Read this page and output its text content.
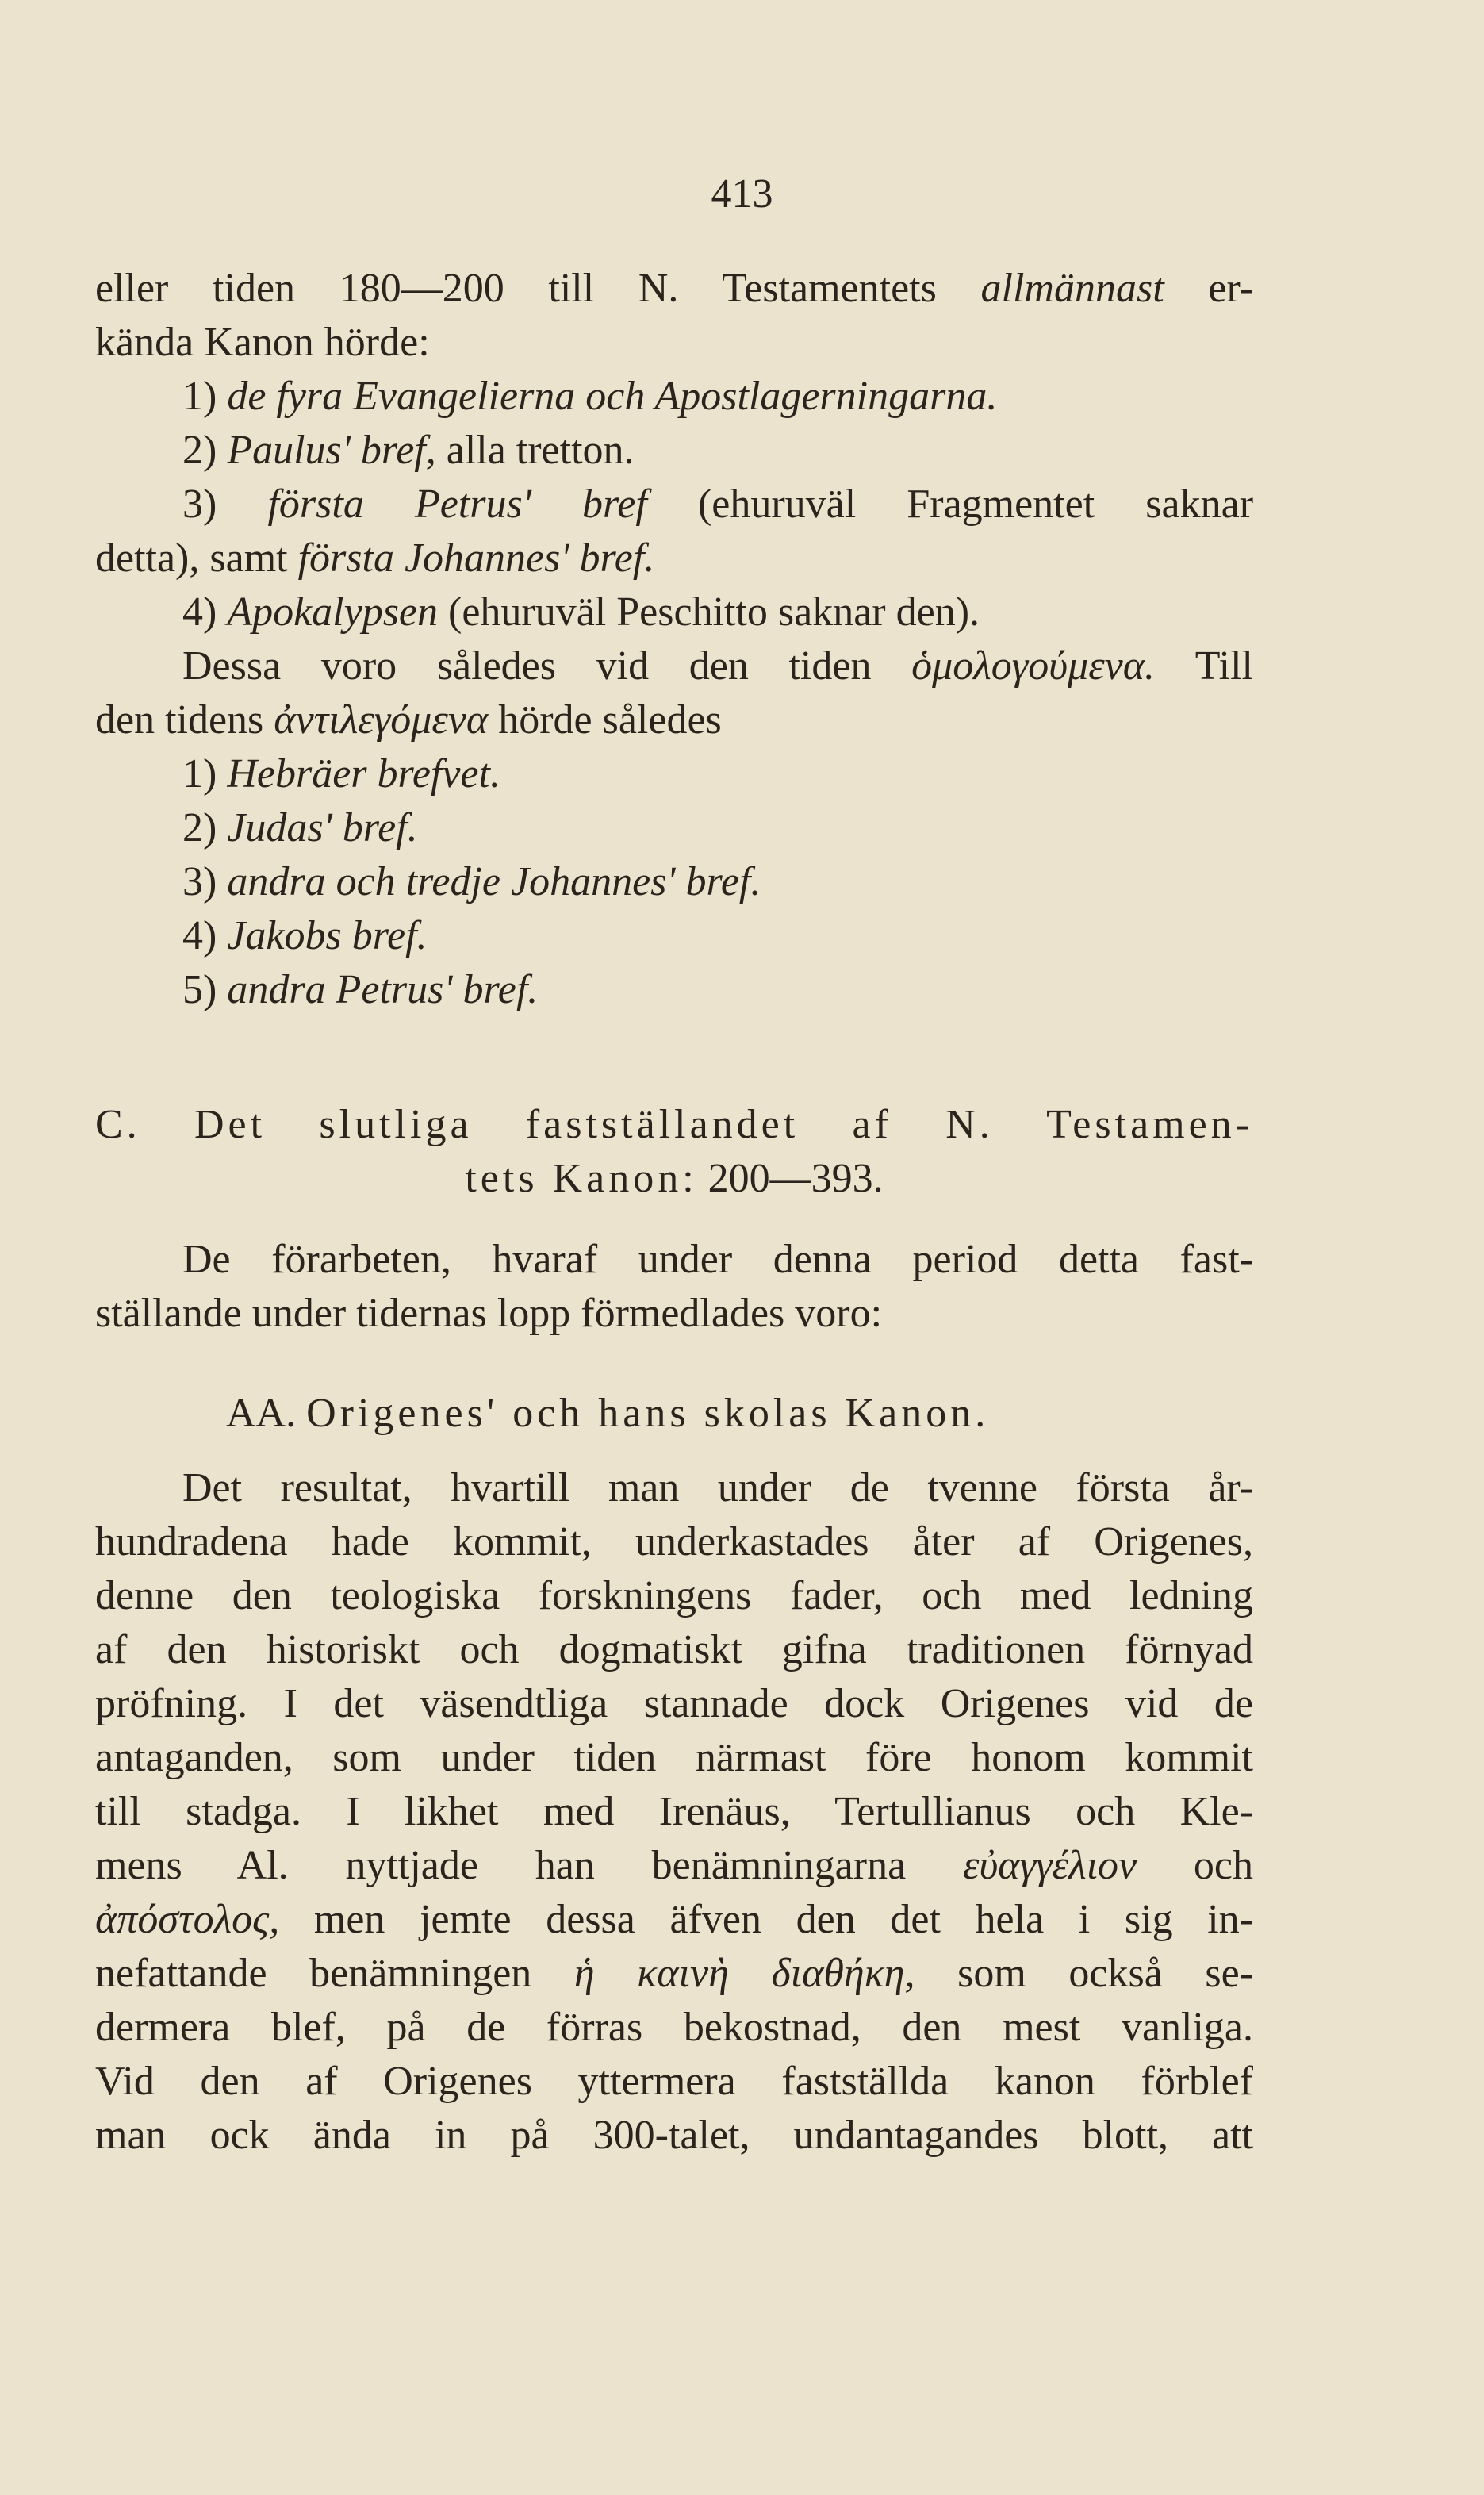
413
eller tiden 180—200 till N. Testamentets allmännast er-
kända Kanon hörde:
1) de fyra Evangelierna och Apostlagerningarna.
2) Paulus' bref, alla tretton.
3) första Petrus' bref (ehuruväl Fragmentet saknar
detta), samt första Johannes' bref.
4) Apokalypsen (ehuruväl Peschitto saknar den).
Dessa voro således vid den tiden ὁμολογούμενα. Till
den tidens ἀντιλεγόμενα hörde således
1) Hebräer brefvet.
2) Judas' bref.
3) andra och tredje Johannes' bref.
4) Jakobs bref.
5) andra Petrus' bref.
C. Det slutliga fastställandet af N. Testamen-
tets Kanon: 200—393.
De förarbeten, hvaraf under denna period detta fast-
ställande under tidernas lopp förmedlades voro:
AA. Origenes' och hans skolas Kanon.
Det resultat, hvartill man under de tvenne första år-
hundradena hade kommit, underkastades åter af Origenes,
denne den teologiska forskningens fader, och med ledning
af den historiskt och dogmatiskt gifna traditionen förnyad
pröfning. I det väsendtliga stannade dock Origenes vid de
antaganden, som under tiden närmast före honom kommit
till stadga. I likhet med Irenäus, Tertullianus och Kle-
mens Al. nyttjade han benämningarna εὐαγγέλιον och
ἀπόστολος, men jemte dessa äfven den det hela i sig in-
nefattande benämningen ἡ καινὴ διαθήκη, som också se-
dermera blef, på de förras bekostnad, den mest vanliga.
Vid den af Origenes yttermera fastställda kanon förblef
man ock ända in på 300-talet, undantagandes blott, att
